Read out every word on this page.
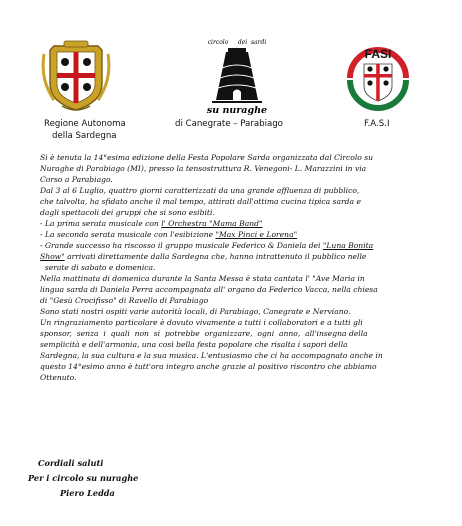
Regione Autonoma
della Sardegna
circolo     dei  sardi
su nuraghe
di Canegrate – Parabiago
FASI
F.A.S.I
Si è tenuta la 14°esima edizione della Festa Popolare Sarda organizzata dal Circolo su
Nuraghe di Parabiago (MI), presso la tensostruttura R. Venegoni- L. Marazzini in via
Corso a Parabiago.
Dal 3 al 6 Luglio, quattro giorni caratterizzati da una grande affluenza di pubblico,
che talvolta, ha sfidato anche il mal tempo, attirati dall'ottima cucina tipica sarda e
dagli spettacoli dei gruppi che si sono esibiti.
- La prima serata musicale con l' Orchestra "Mama Band"
- La seconda serata musicale con l'esibizione "Max Pinci e Lorena"
- Grande successo ha riscosso il gruppo musicale Federico & Daniela dei "Luna Bonita
Show" arrivati direttamente dalla Sardegna che, hanno intrattenuto il pubblico nelle
serate di sabato e domenica.
Nella mattinata di domenica durante la Santa Messa è stata cantata l' "Ave Maria in
lingua sarda di Daniela Perra accompagnata all' organo da Federico Vacca, nella chiesa
di "Gesù Crocifisso" di Ravello di Parabiago
Sono stati nostri ospiti varie autorità locali, di Parabiago, Canegrate e Nerviano.
Un ringraziamento particolare è dovuto vivamente a tutti i collaboratori e a tutti gli
sponsor,  senza  i  quali  non  si  potrebbe  organizzare,  ogni  anno,  all'insegna della
semplicità e dell'armonia, una così bella festa popolare che risalta i sapori della
Sardegna, la sua cultura e la sua musica. L'entusiasmo che ci ha accompagnato anche in
questo 14°esimo anno è tutt'ora integro anche grazie al positivo riscontro che abbiamo
Ottenuto.
Cordiali saluti
Per i circolo su nuraghe
Piero Ledda
